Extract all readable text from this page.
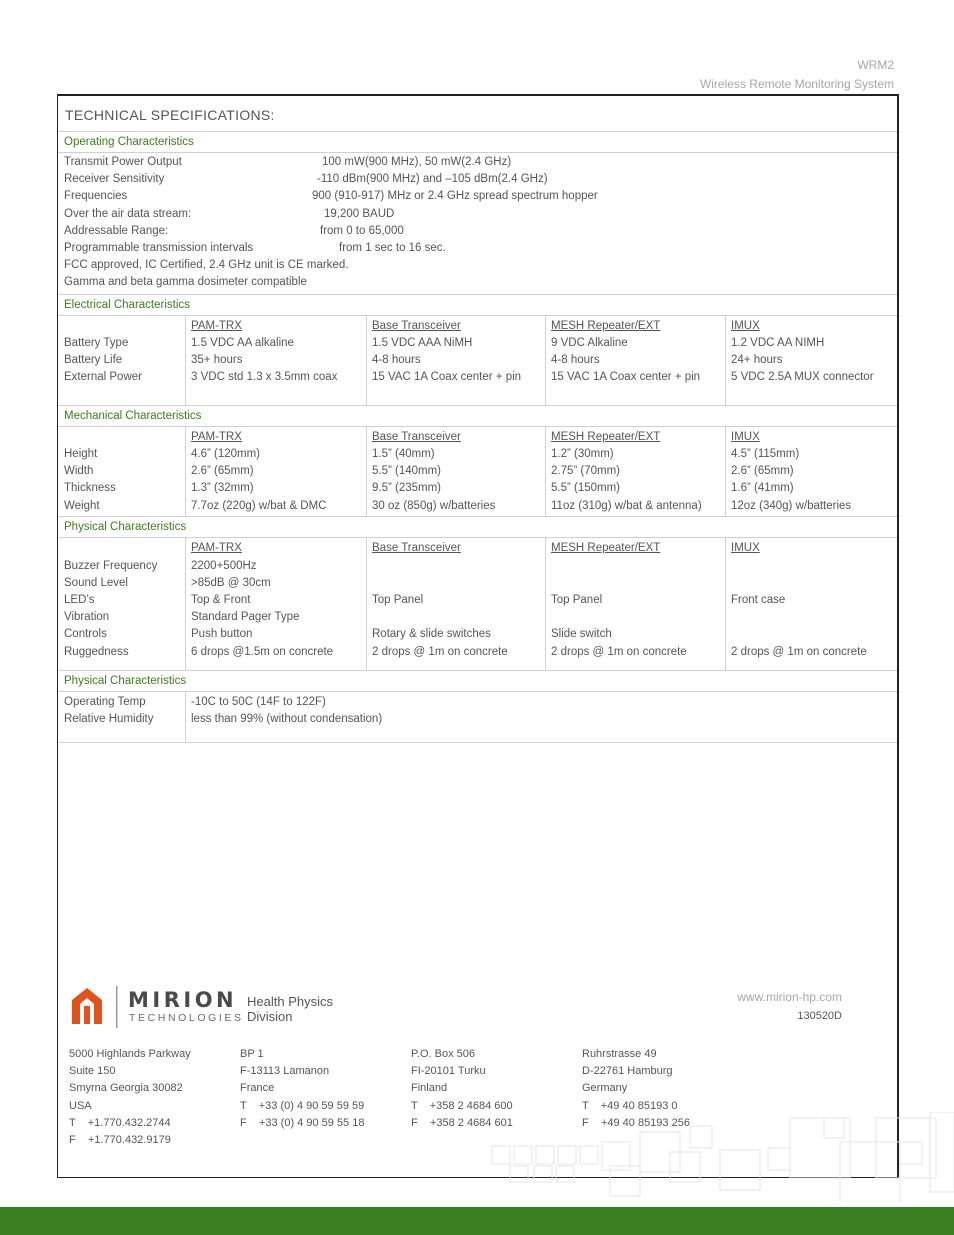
WRM2
Wireless Remote Monitoring System
TECHNICAL SPECIFICATIONS:
Operating Characteristics
Transmit Power Output	100 mW(900 MHz), 50 mW(2.4 GHz)
Receiver Sensitivity	-110 dBm(900 MHz) and –105 dBm(2.4 GHz)
Frequencies	900 (910-917) MHz or 2.4 GHz spread spectrum hopper
Over the air data stream:	19,200 BAUD
Addressable Range:	from 0 to 65,000
Programmable transmission intervals	from 1 sec to 16 sec.
FCC approved, IC Certified, 2.4 GHz unit is CE marked.
Gamma and beta gamma dosimeter compatible
Electrical Characteristics
PAM-TRX	Base Transceiver	MESH Repeater/EXT	IMUX
Battery Type	1.5 VDC AA alkaline	1.5 VDC AAA NiMH	9 VDC Alkaline	1.2 VDC AA NIMH
Battery Life	35+ hours	4-8 hours	4-8 hours	24+ hours
External Power	3 VDC std 1.3 x 3.5mm coax	15 VAC 1A Coax center + pin	15 VAC 1A Coax center + pin	5 VDC 2.5A MUX connector
Mechanical Characteristics
PAM-TRX	Base Transceiver	MESH Repeater/EXT	IMUX
Height	4.6” (120mm)	1.5” (40mm)	1.2” (30mm)	4.5” (115mm)
Width	2.6” (65mm)	5.5” (140mm)	2.75” (70mm)	2.6” (65mm)
Thickness	1.3” (32mm)	9.5” (235mm)	5.5” (150mm)	1.6” (41mm)
Weight	7.7oz (220g) w/bat & DMC	30 oz (850g) w/batteries	11oz (310g) w/bat & antenna)	12oz (340g) w/batteries
Physical Characteristics
PAM-TRX	Base Transceiver	MESH Repeater/EXT	IMUX
Buzzer Frequency	2200+500Hz
Sound Level	>85dB @ 30cm
LED’s	Top & Front	Top Panel	Top Panel	Front case
Vibration	Standard Pager Type
Controls	Push button	Rotary & slide switches	Slide switch
Ruggedness	6 drops @1.5m on concrete	2 drops @ 1m on concrete	2 drops @ 1m on concrete	2 drops @ 1m on concrete
Physical Characteristics
Operating Temp	-10C to 50C (14F to 122F)
Relative Humidity	less than 99% (without condensation)
MIRION
TECHNOLOGIES
Health Physics
Division
www.mirion-hp.com
130520D
5000 Highlands Parkway
Suite 150
Smyrna Georgia 30082
USA
T    +1.770.432.2744
F    +1.770.432.9179
BP 1
F-13113 Lamanon
France
T    +33 (0) 4 90 59 59 59
F    +33 (0) 4 90 59 55 18
P.O. Box 506
FI-20101 Turku
Finland
T    +358 2 4684 600
F    +358 2 4684 601
Ruhrstrasse 49
D-22761 Hamburg
Germany
T    +49 40 85193 0
F    +49 40 85193 256
